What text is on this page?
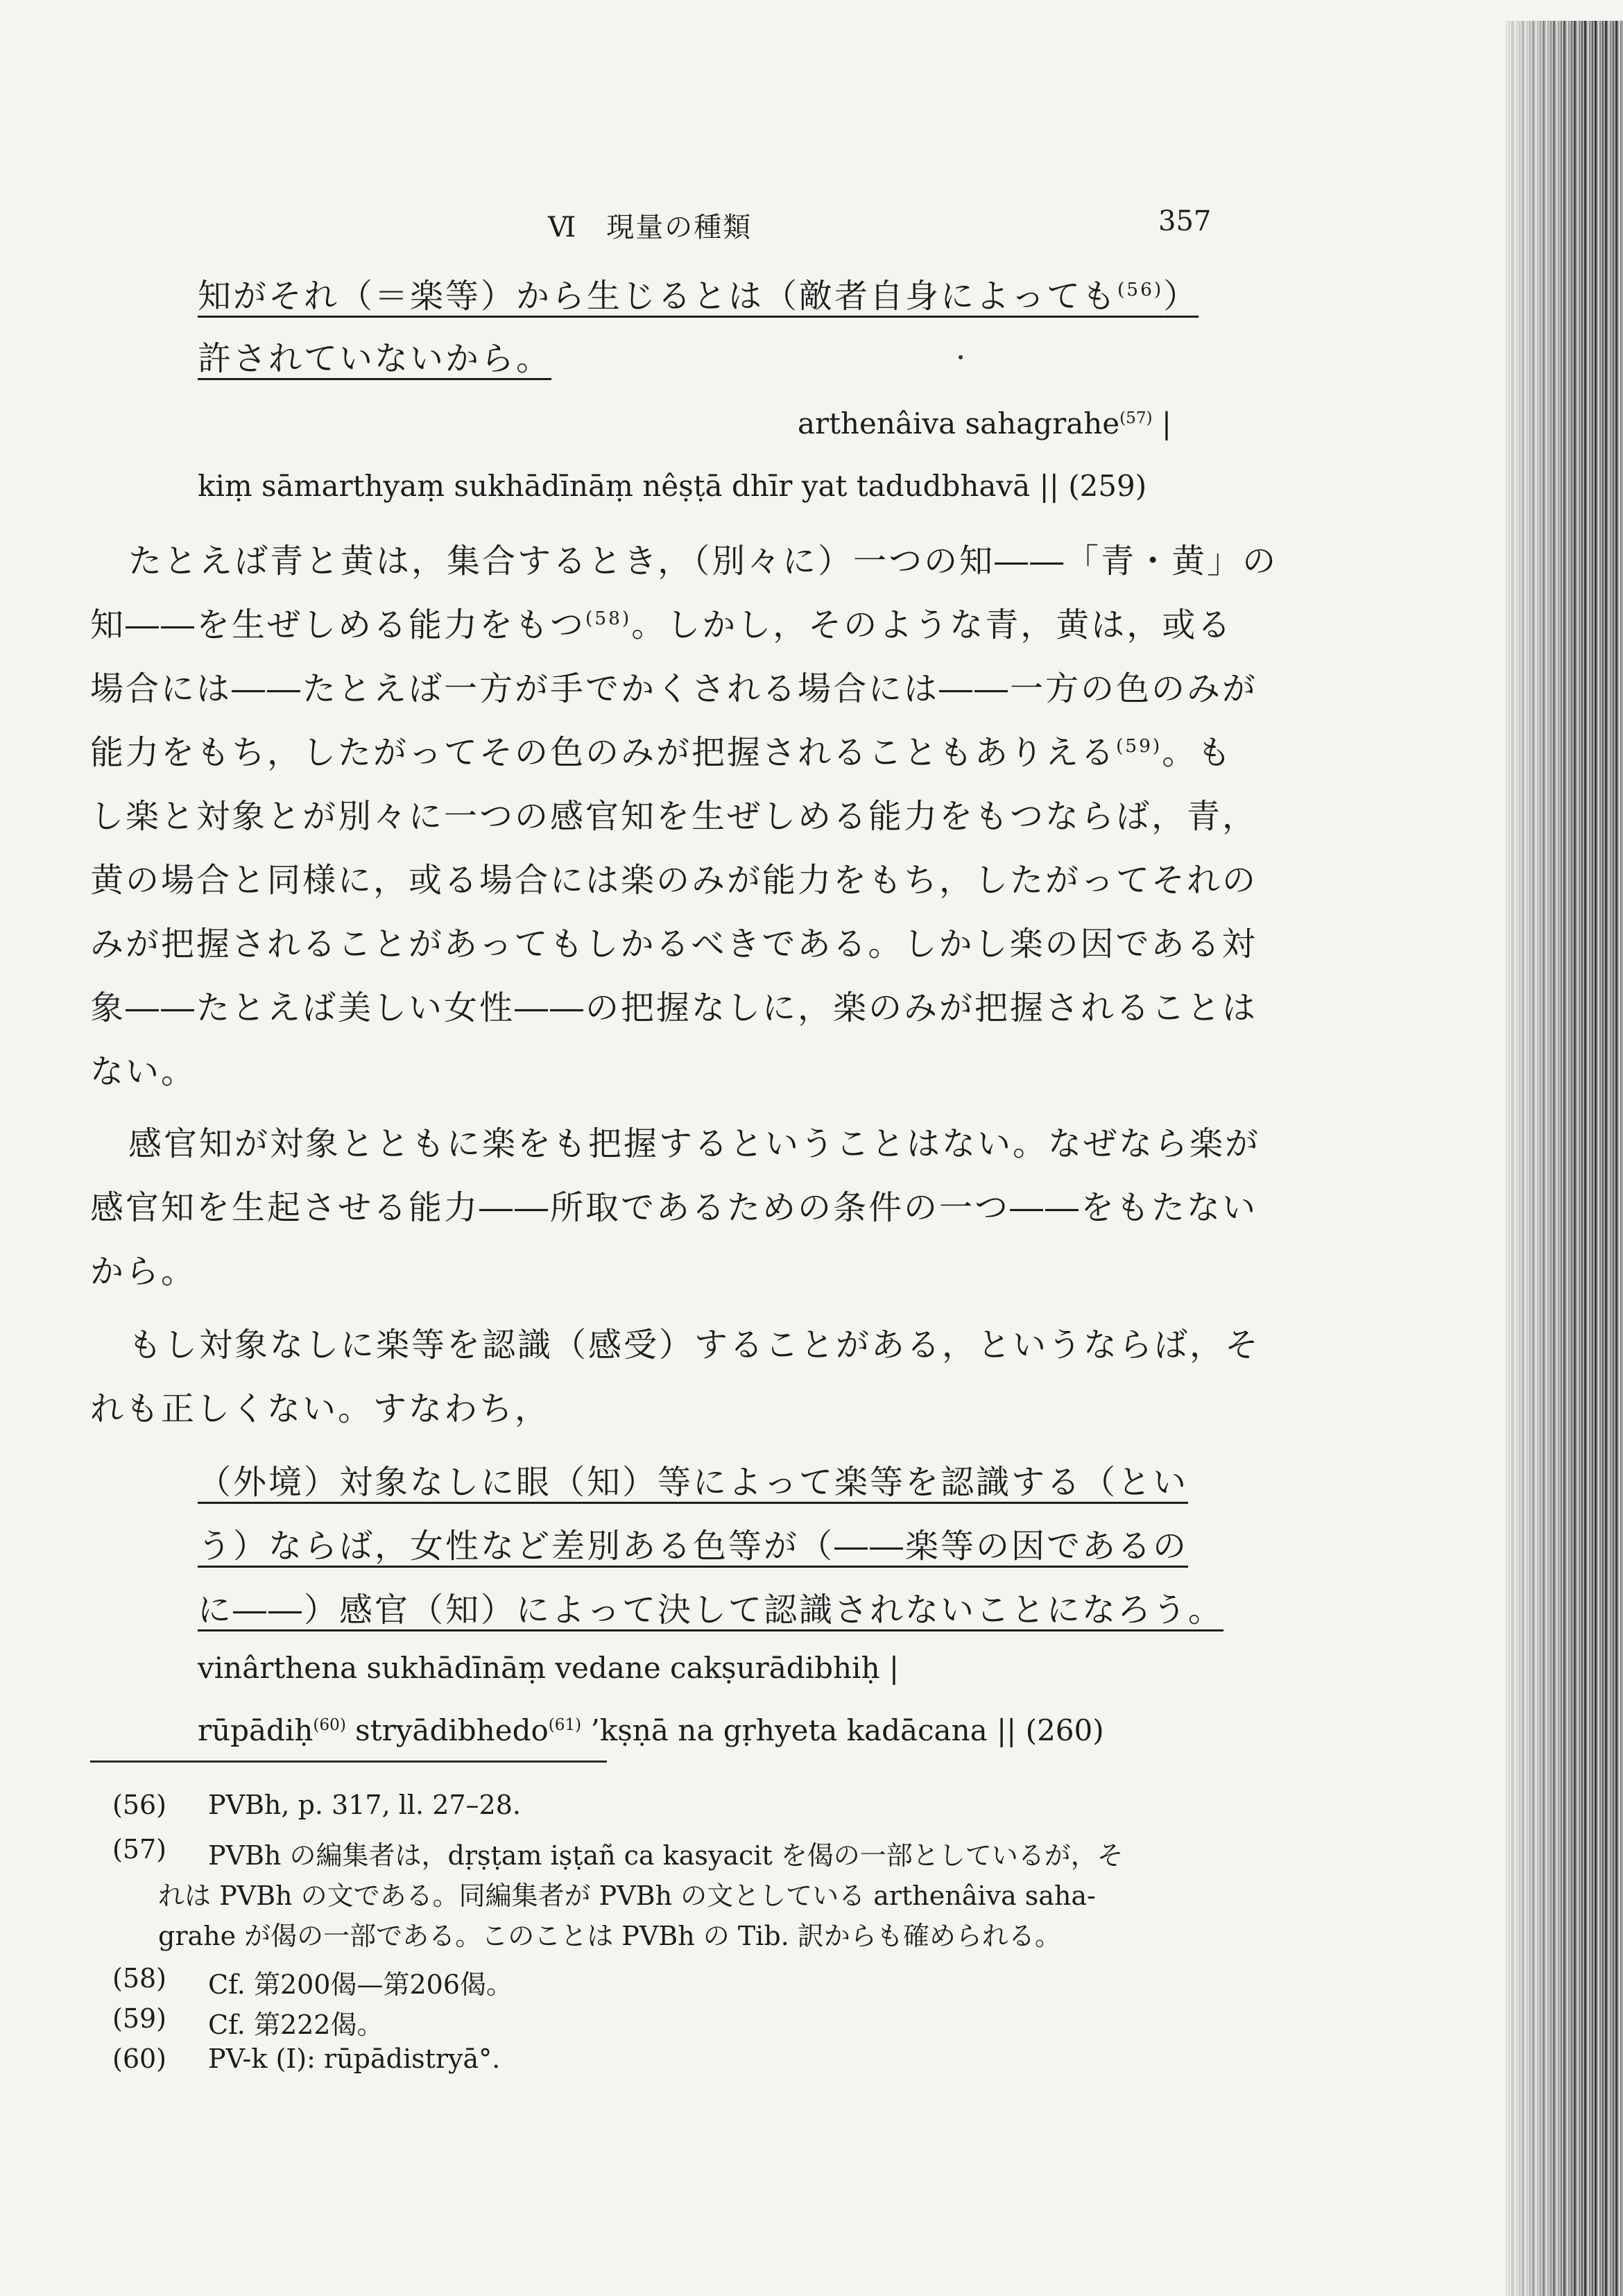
Ⅵ　現量の種類	357
知がそれ（＝楽等）から生じるとは（敵者自身によっても$^{(56)}$）
許されていないから。
arthenâiva sahagrahe$^{(57)}$ |
kiṃ sāmarthyaṃ sukhādīnāṃ nêṣṭā dhīr yat tadudbhavā || (259)
たとえば青と黄は，集合するとき，（別々に）一つの知――「青・黄」の
知――を生ぜしめる能力をもつ$^{(58)}$。しかし，そのような青，黄は，或る
場合には――たとえば一方が手でかくされる場合には――一方の色のみが
能力をもち，したがってその色のみが把握されることもありえる$^{(59)}$。も
し楽と対象とが別々に一つの感官知を生ぜしめる能力をもつならば，青，
黄の場合と同様に，或る場合には楽のみが能力をもち，したがってそれの
みが把握されることがあってもしかるべきである。しかし楽の因である対
象――たとえば美しい女性――の把握なしに，楽のみが把握されることは
ない。
感官知が対象とともに楽をも把握するということはない。なぜなら楽が
感官知を生起させる能力――所取であるための条件の一つ――をもたない
から。
もし対象なしに楽等を認識（感受）することがある，というならば，そ
れも正しくない。すなわち，
（外境）対象なしに眼（知）等によって楽等を認識する（とい
う）ならば，女性など差別ある色等が（――楽等の因であるの
に――）感官（知）によって決して認識されないことになろう。
vinârthena sukhādīnāṃ vedane cakṣurādibhiḥ |
rūpādiḥ$^{(60)}$ stryādibhedo$^{(61)}$ ’kṣṇā na gṛhyeta kadācana || (260)
(56) PVBh, p. 317, ll. 27–28.
(57) PVBh の編集者は，dṛṣṭam iṣṭañ ca kasyacit を偈の一部としているが，そ
れは PVBh の文である。同編集者が PVBh の文としている arthenâiva saha-
grahe が偈の一部である。このことは PVBh の Tib. 訳からも確められる。
(58) Cf. 第200偈—第206偈。
(59) Cf. 第222偈。
(60) PV-k (I): rūpādistryā°.
